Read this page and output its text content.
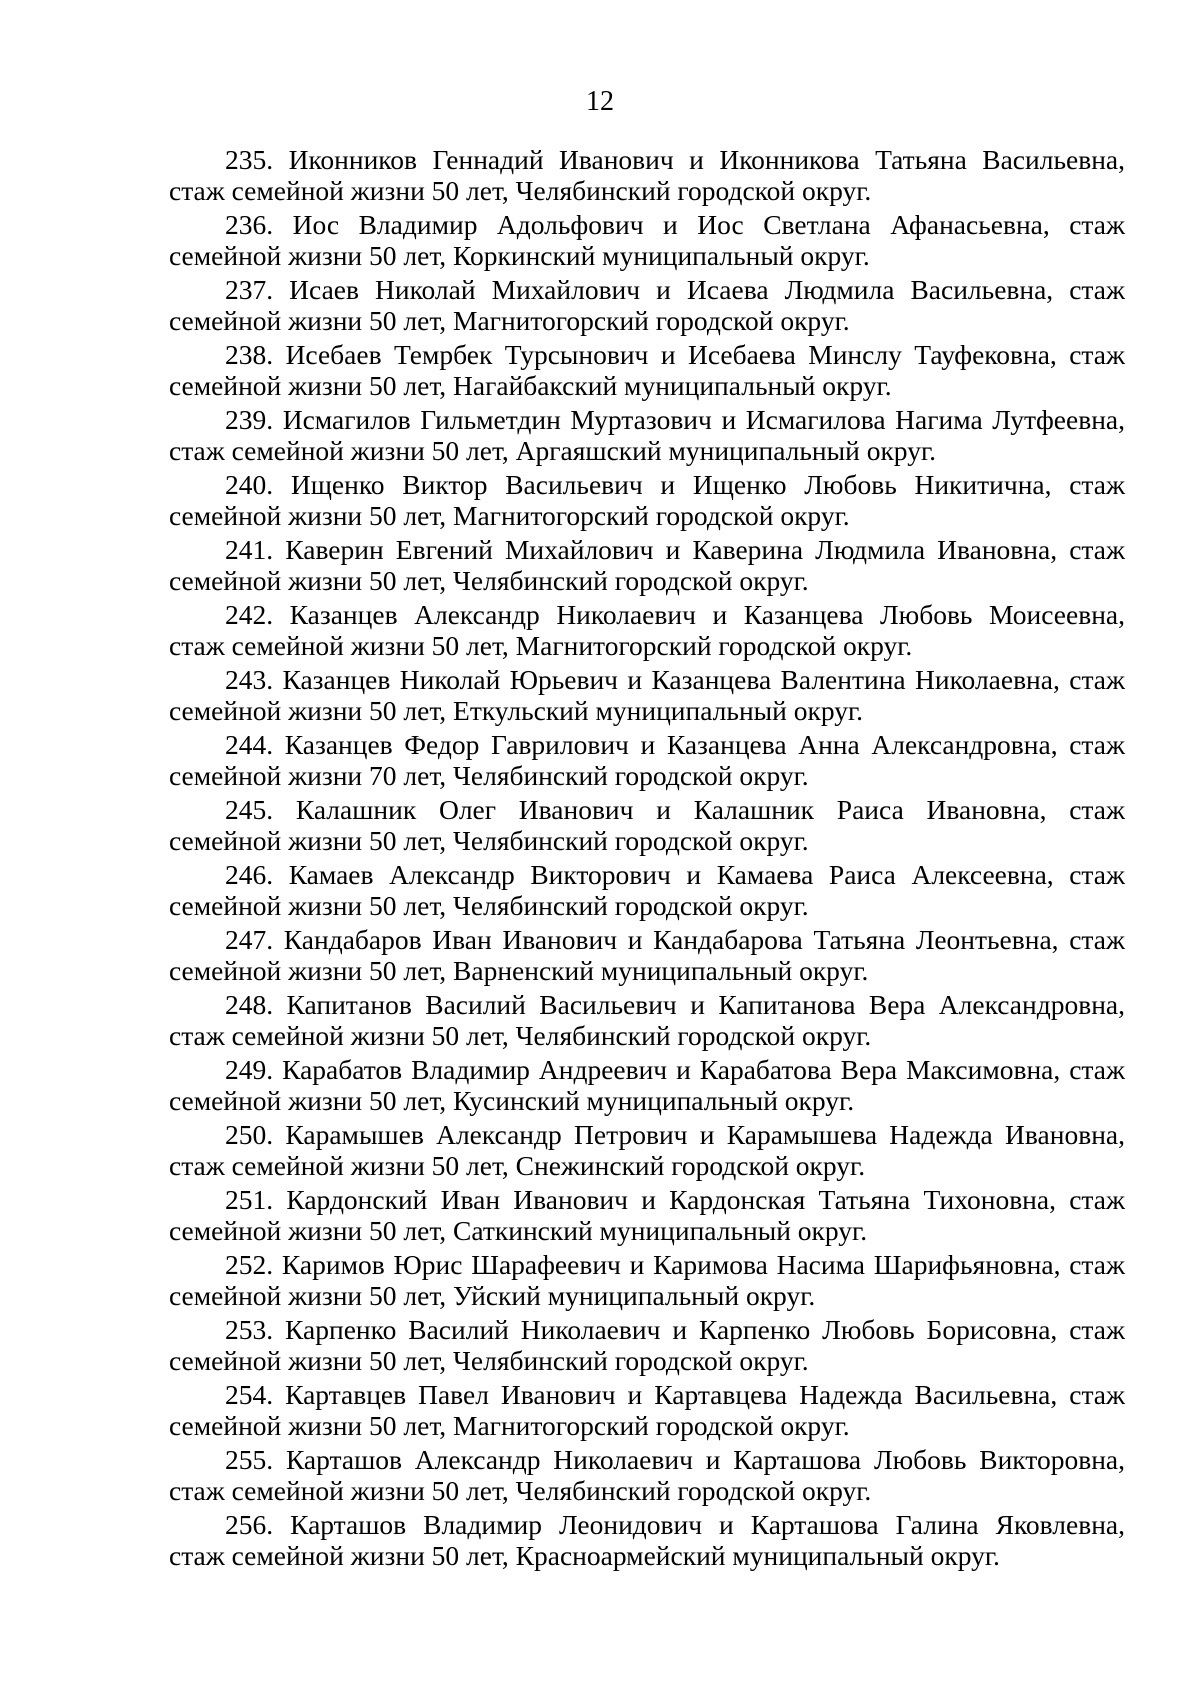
12
235. Иконников Геннадий Иванович и Иконникова Татьяна Васильевна,
стаж семейной жизни 50 лет, Челябинский городской округ.
236. Иос Владимир Адольфович и Иос Светлана Афанасьевна, стаж
семейной жизни 50 лет, Коркинский муниципальный округ.
237. Исаев Николай Михайлович и Исаева Людмила Васильевна, стаж
семейной жизни 50 лет, Магнитогорский городской округ.
238. Исебаев Темрбек Турсынович и Исебаева Минслу Тауфековна, стаж
семейной жизни 50 лет, Нагайбакский муниципальный округ.
239. Исмагилов Гильметдин Муртазович и Исмагилова Нагима Лутфеевна,
стаж семейной жизни 50 лет, Аргаяшский муниципальный округ.
240. Ищенко Виктор Васильевич и Ищенко Любовь Никитична, стаж
семейной жизни 50 лет, Магнитогорский городской округ.
241. Каверин Евгений Михайлович и Каверина Людмила Ивановна, стаж
семейной жизни 50 лет, Челябинский городской округ.
242. Казанцев Александр Николаевич и Казанцева Любовь Моисеевна,
стаж семейной жизни 50 лет, Магнитогорский городской округ.
243. Казанцев Николай Юрьевич и Казанцева Валентина Николаевна, стаж
семейной жизни 50 лет, Еткульский муниципальный округ.
244. Казанцев Федор Гаврилович и Казанцева Анна Александровна, стаж
семейной жизни 70 лет, Челябинский городской округ.
245. Калашник Олег Иванович и Калашник Раиса Ивановна, стаж
семейной жизни 50 лет, Челябинский городской округ.
246. Камаев Александр Викторович и Камаева Раиса Алексеевна, стаж
семейной жизни 50 лет, Челябинский городской округ.
247. Кандабаров Иван Иванович и Кандабарова Татьяна Леонтьевна, стаж
семейной жизни 50 лет, Варненский муниципальный округ.
248. Капитанов Василий Васильевич и Капитанова Вера Александровна,
стаж семейной жизни 50 лет, Челябинский городской округ.
249. Карабатов Владимир Андреевич и Карабатова Вера Максимовна, стаж
семейной жизни 50 лет, Кусинский муниципальный округ.
250. Карамышев Александр Петрович и Карамышева Надежда Ивановна,
стаж семейной жизни 50 лет, Снежинский городской округ.
251. Кардонский Иван Иванович и Кардонская Татьяна Тихоновна, стаж
семейной жизни 50 лет, Саткинский муниципальный округ.
252. Каримов Юрис Шарафеевич и Каримова Насима Шарифьяновна, стаж
семейной жизни 50 лет, Уйский муниципальный округ.
253. Карпенко Василий Николаевич и Карпенко Любовь Борисовна, стаж
семейной жизни 50 лет, Челябинский городской округ.
254. Картавцев Павел Иванович и Картавцева Надежда Васильевна, стаж
семейной жизни 50 лет, Магнитогорский городской округ.
255. Карташов Александр Николаевич и Карташова Любовь Викторовна,
стаж семейной жизни 50 лет, Челябинский городской округ.
256. Карташов Владимир Леонидович и Карташова Галина Яковлевна,
стаж семейной жизни 50 лет, Красноармейский муниципальный округ.
